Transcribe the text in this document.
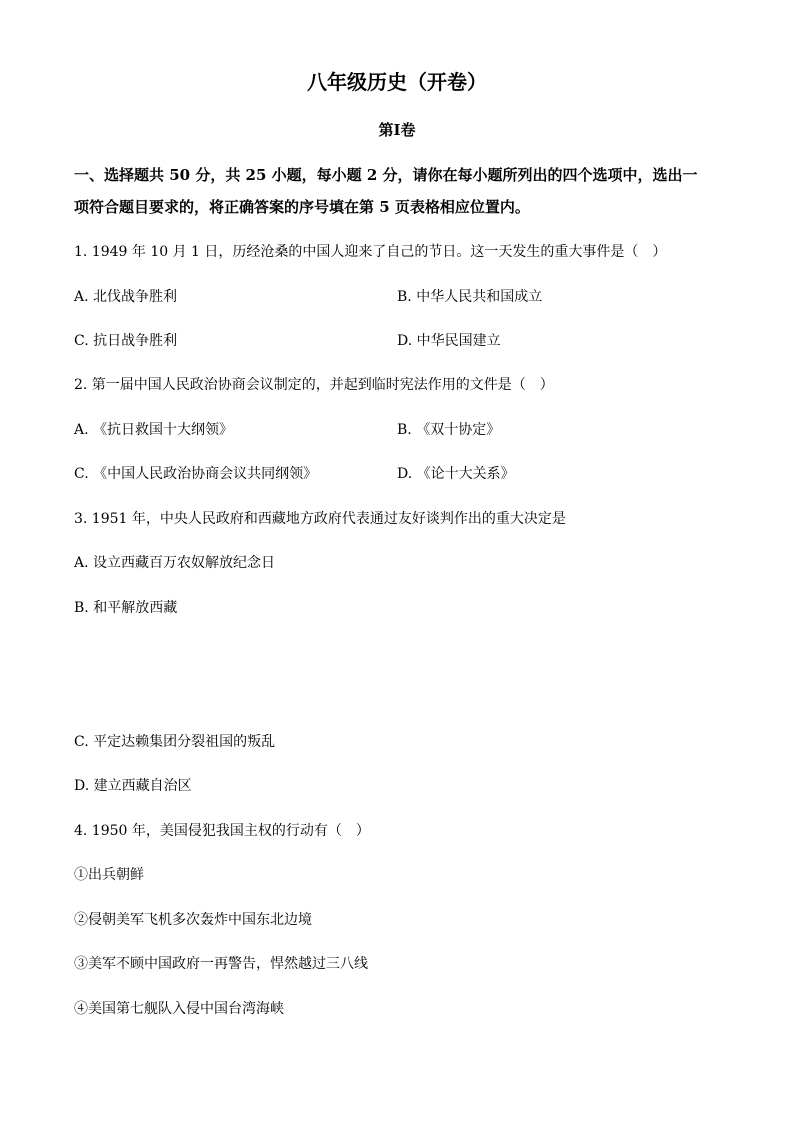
八年级历史（开卷）
第Ⅰ卷
一、选择题共 50 分，共 25 小题，每小题 2 分，请你在每小题所列出的四个选项中，选出一
项符合题目要求的，将正确答案的序号填在第 5 页表格相应位置内。
1. 1949 年 10 月 1 日，历经沧桑的中国人迎来了自己的节日。这一天发生的重大事件是（　）
A. 北伐战争胜利	B. 中华人民共和国成立
C. 抗日战争胜利	D. 中华民国建立
2. 第一届中国人民政治协商会议制定的，并起到临时宪法作用的文件是（　）
A. 《抗日救国十大纲领》	B. 《双十协定》
C. 《中国人民政治协商会议共同纲领》	D. 《论十大关系》
3. 1951 年，中央人民政府和西藏地方政府代表通过友好谈判作出的重大决定是
A. 设立西藏百万农奴解放纪念日
B. 和平解放西藏
C. 平定达赖集团分裂祖国的叛乱
D. 建立西藏自治区
4. 1950 年，美国侵犯我国主权的行动有（　）
①出兵朝鲜
②侵朝美军飞机多次轰炸中国东北边境
③美军不顾中国政府一再警告，悍然越过三八线
④美国第七舰队入侵中国台湾海峡
